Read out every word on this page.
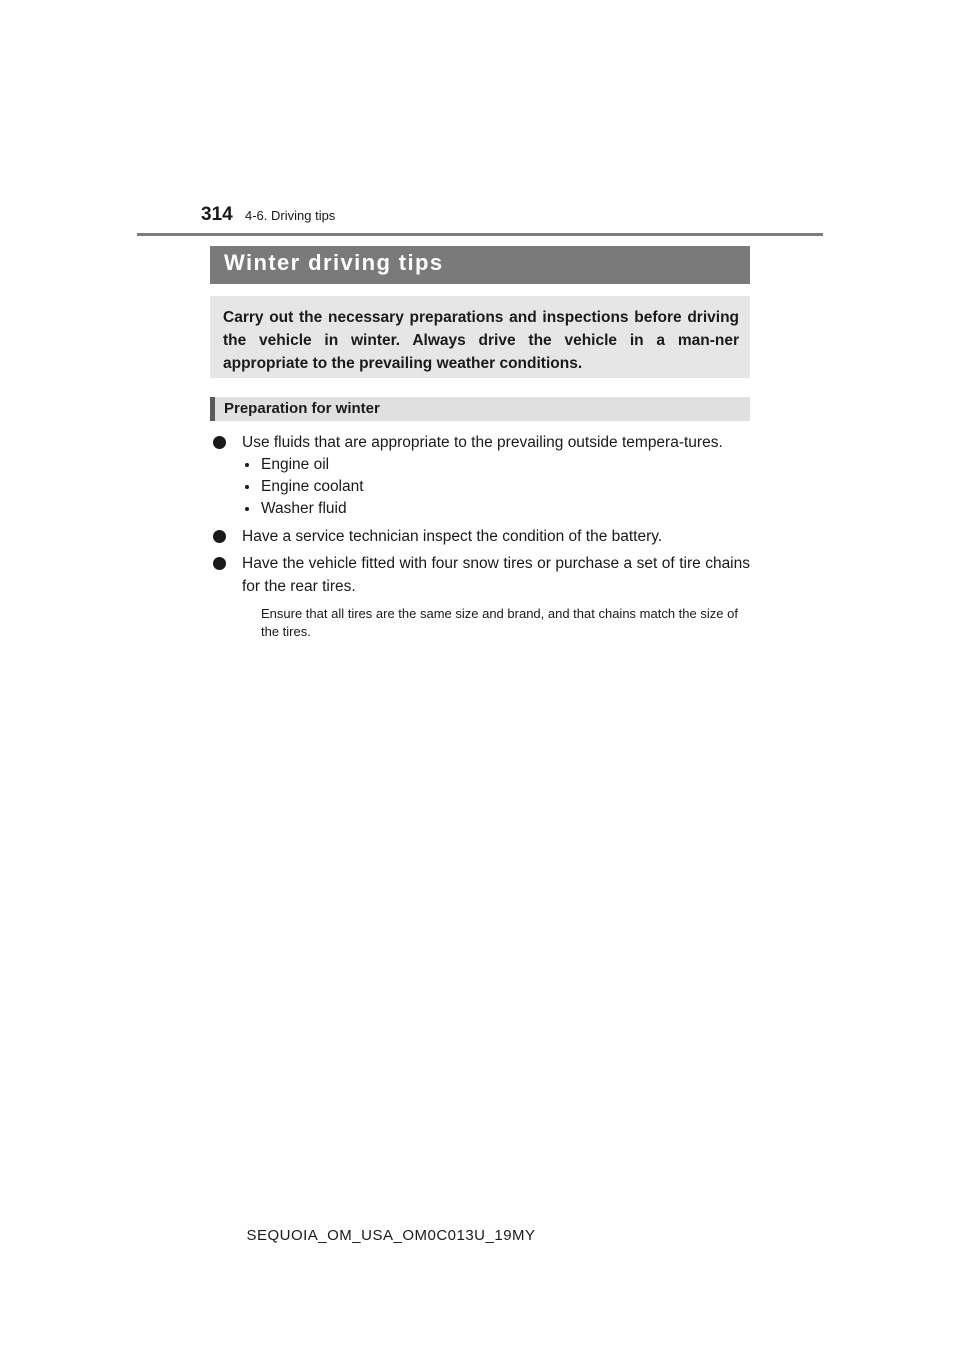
314 4-6. Driving tips
Winter driving tips
Carry out the necessary preparations and inspections before driving the vehicle in winter. Always drive the vehicle in a man-ner appropriate to the prevailing weather conditions.
Preparation for winter
Use fluids that are appropriate to the prevailing outside tempera-tures.
Engine oil
Engine coolant
Washer fluid
Have a service technician inspect the condition of the battery.
Have the vehicle fitted with four snow tires or purchase a set of tire chains for the rear tires.
Ensure that all tires are the same size and brand, and that chains match the size of the tires.
SEQUOIA_OM_USA_OM0C013U_19MY
